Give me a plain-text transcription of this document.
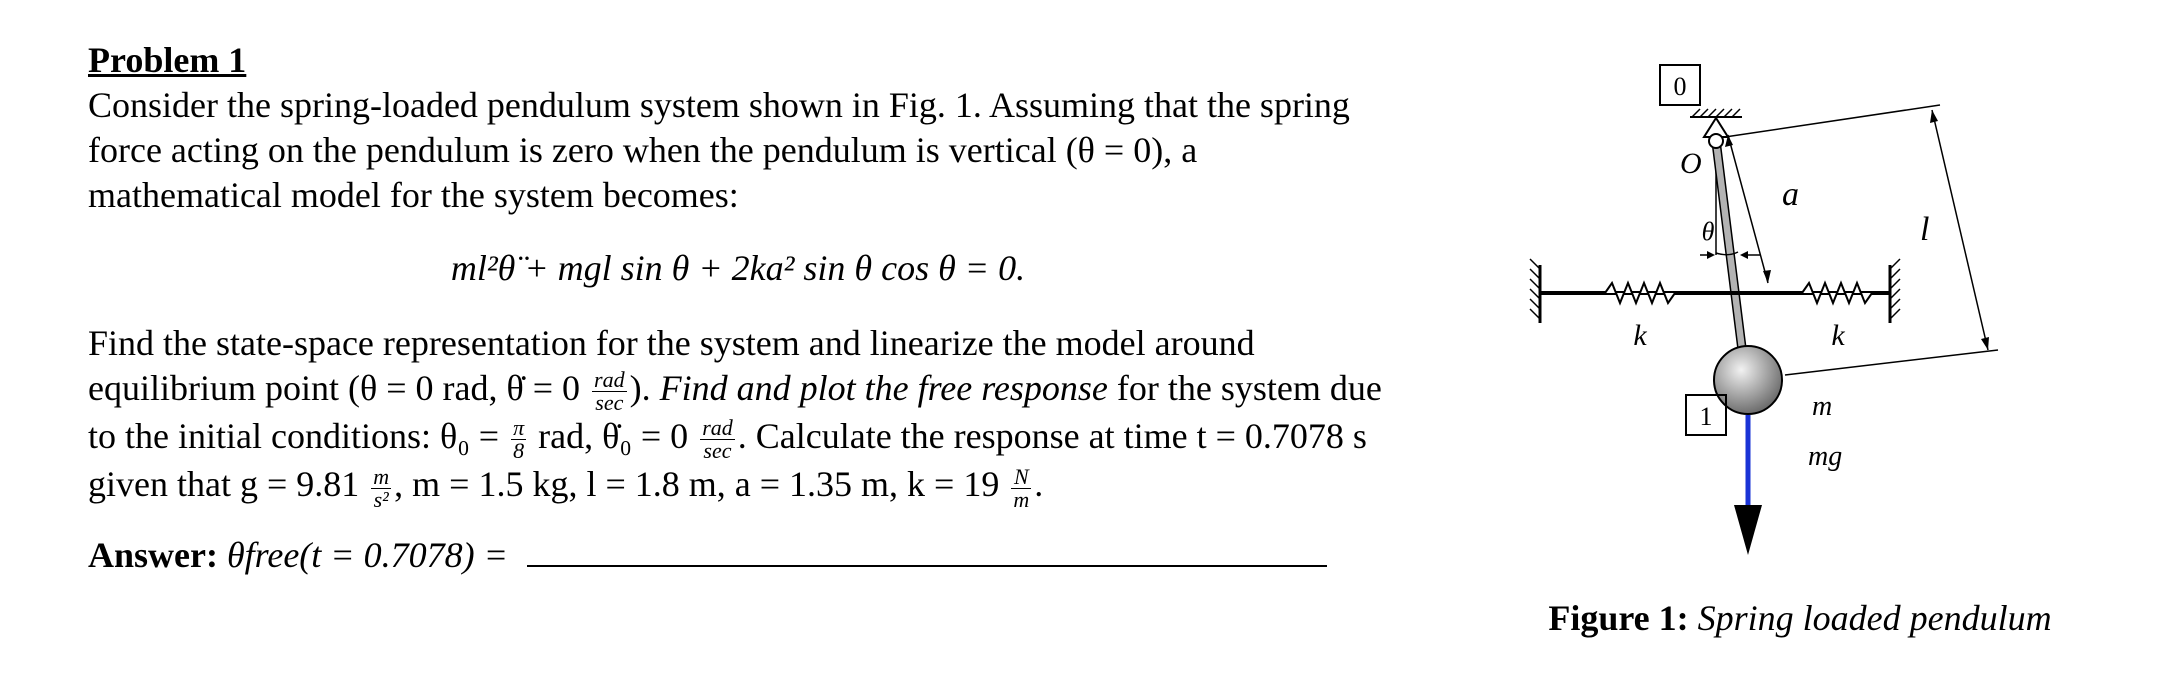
Problem 1
Consider the spring-loaded pendulum system shown in Fig. 1. Assuming that the spring force acting on the pendulum is zero when the pendulum is vertical (θ = 0), a mathematical model for the system becomes:
ml²θ̈ + mgl sin θ + 2ka² sin θ cos θ = 0.
Find the state-space representation for the system and linearize the model around equilibrium point (θ = 0 rad, θ̇ = $0 \frac{\text{rad}}{\sec}$ ). Find and plot the free response for the system due to the initial conditions: $\theta_0 = \frac{\pi}{8}$ rad, θ̇₀ = $0 \frac{\text{rad}}{\sec}$ . Calculate the response at time t = 0.7078 s given that $g = 9.81 \frac{m}{\text{s²}}$ , m = 1.5 kg, l = 1.8 m, a = 1.35 m, $k = 19 \frac{N}{m}$ .
Answer: θfree(t = 0.7078) =
0
O
k	k
θ
a
l
m
1
mg
Figure 1: Spring loaded pendulum
